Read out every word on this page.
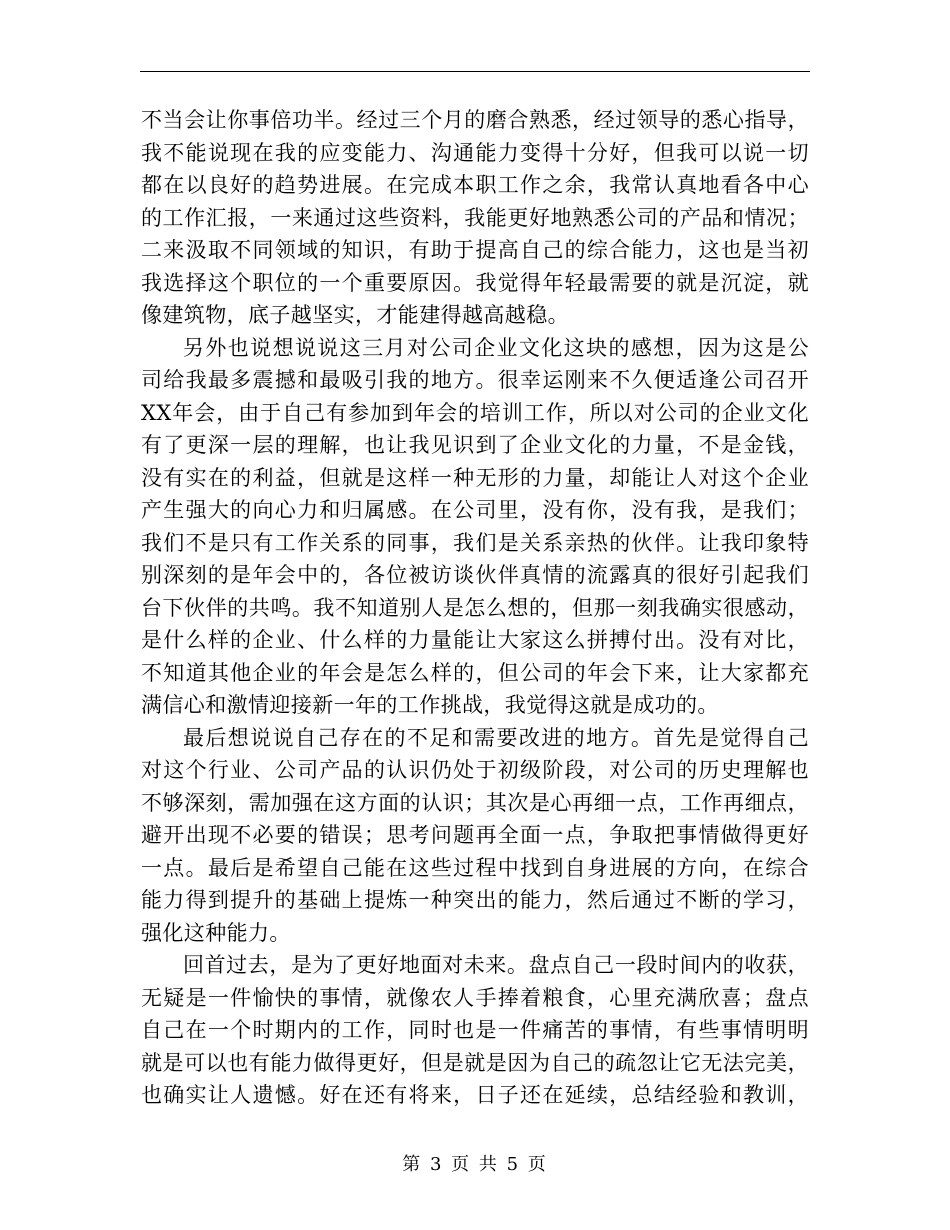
不当会让你事倍功半。经过三个月的磨合熟悉，经过领导的悉心指导，
我不能说现在我的应变能力、沟通能力变得十分好，但我可以说一切
都在以良好的趋势进展。在完成本职工作之余，我常认真地看各中心
的工作汇报，一来通过这些资料，我能更好地熟悉公司的产品和情况；
二来汲取不同领域的知识，有助于提高自己的综合能力，这也是当初
我选择这个职位的一个重要原因。我觉得年轻最需要的就是沉淀，就
像建筑物，底子越坚实，才能建得越高越稳。
另外也说想说说这三月对公司企业文化这块的感想，因为这是公
司给我最多震撼和最吸引我的地方。很幸运刚来不久便适逢公司召开
XX年会，由于自己有参加到年会的培训工作，所以对公司的企业文化
有了更深一层的理解，也让我见识到了企业文化的力量，不是金钱，
没有实在的利益，但就是这样一种无形的力量，却能让人对这个企业
产生强大的向心力和归属感。在公司里，没有你，没有我，是我们；
我们不是只有工作关系的同事，我们是关系亲热的伙伴。让我印象特
别深刻的是年会中的，各位被访谈伙伴真情的流露真的很好引起我们
台下伙伴的共鸣。我不知道别人是怎么想的，但那一刻我确实很感动，
是什么样的企业、什么样的力量能让大家这么拼搏付出。没有对比，
不知道其他企业的年会是怎么样的，但公司的年会下来，让大家都充
满信心和激情迎接新一年的工作挑战，我觉得这就是成功的。
最后想说说自己存在的不足和需要改进的地方。首先是觉得自己
对这个行业、公司产品的认识仍处于初级阶段，对公司的历史理解也
不够深刻，需加强在这方面的认识；其次是心再细一点，工作再细点，
避开出现不必要的错误；思考问题再全面一点，争取把事情做得更好
一点。最后是希望自己能在这些过程中找到自身进展的方向，在综合
能力得到提升的基础上提炼一种突出的能力，然后通过不断的学习，
强化这种能力。
回首过去，是为了更好地面对未来。盘点自己一段时间内的收获，
无疑是一件愉快的事情，就像农人手捧着粮食，心里充满欣喜；盘点
自己在一个时期内的工作，同时也是一件痛苦的事情，有些事情明明
就是可以也有能力做得更好，但是就是因为自己的疏忽让它无法完美，
也确实让人遗憾。好在还有将来，日子还在延续，总结经验和教训，
第 3 页 共 5 页
